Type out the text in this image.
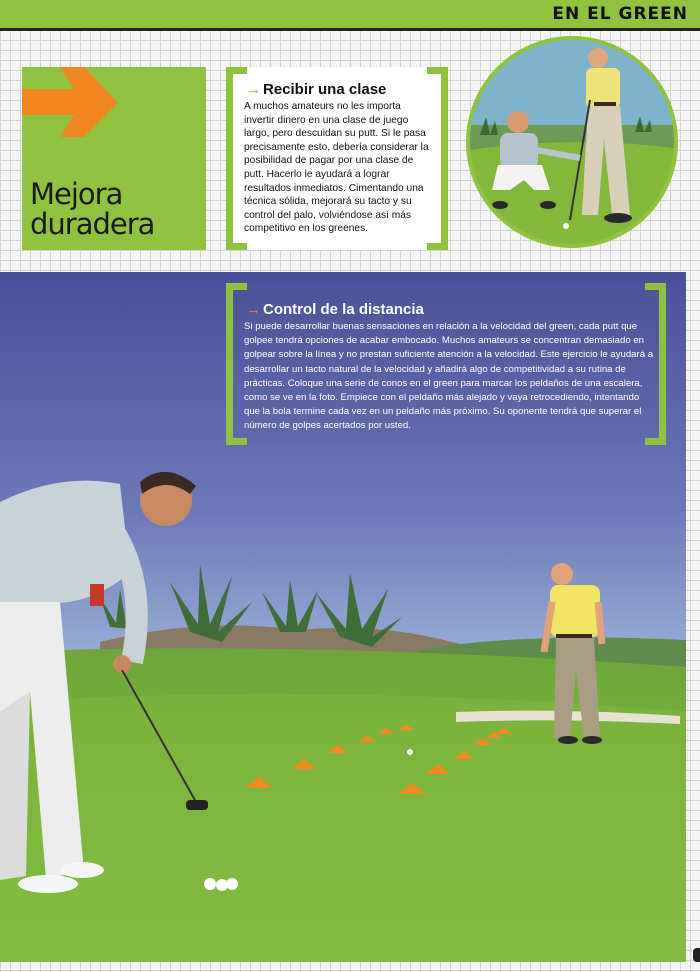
EN EL GREEN
Mejora
duradera
→ Recibir una clase
A muchos amateurs no les importa invertir dinero en una clase de juego largo, pero descuidan su putt. Si le pasa precisamente esto, debería considerar la posibilidad de pagar por una clase de putt. Hacerlo le ayudará a lograr resultados inmediatos. Cimentando una técnica sólida, mejorará su tacto y su control del palo, volviéndose así más competitivo en los greenes.
→ Control de la distancia
Si puede desarrollar buenas sensaciones en relación a la velocidad del green, cada putt que golpee tendrá opciones de acabar embocado. Muchos amateurs se concentran demasiado en golpear sobre la línea y no prestan suficiente atención a la velocidad. Este ejercicio le ayudará a desarrollar un tacto natural de la velocidad y añadirá algo de competitividad a su rutina de prácticas. Coloque una serie de conos en el green para marcar los peldaños de una escalera, como se ve en la foto. Empiece con el peldaño más alejado y vaya retrocediendo, intentando que la bola termine cada vez en un peldaño más próximo. Su oponente tendrá que superar el número de golpes acertados por usted.
